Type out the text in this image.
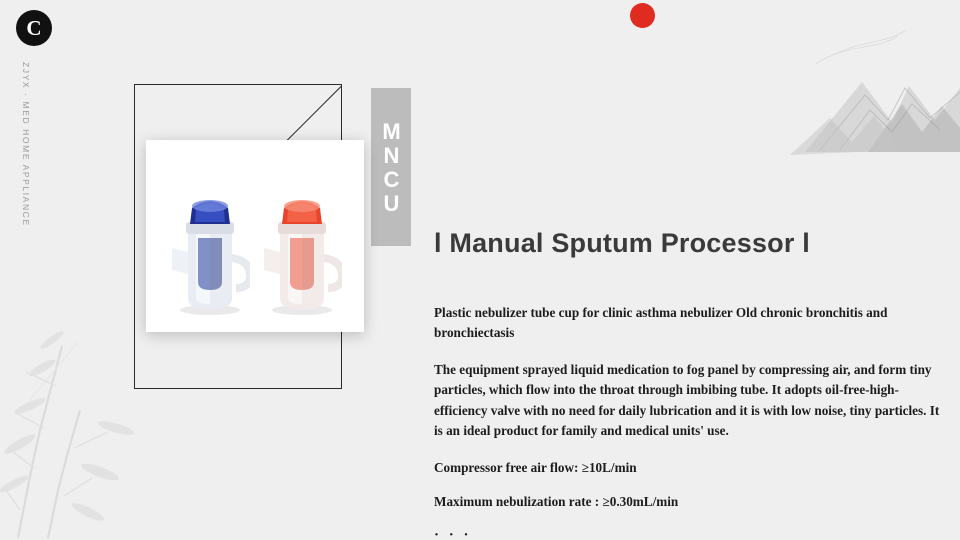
C
ZJYX · MED HOME APPLIANCE	MNCU
l Manual Sputum Processor l

Plastic nebulizer tube cup for clinic asthma nebulizer Old chronic bronchitis and bronchiectasis

The equipment sprayed liquid medication to fog panel by compressing air, and form tiny particles, which flow into the throat through imbibing tube. It adopts oil-free-high-efficiency valve with no need for daily lubrication and it is with low noise, tiny particles. It is an ideal product for family and medical units' use.

Compressor free air flow: ≥10L/min

Maximum nebulization rate : ≥0.30mL/min

· · ·
